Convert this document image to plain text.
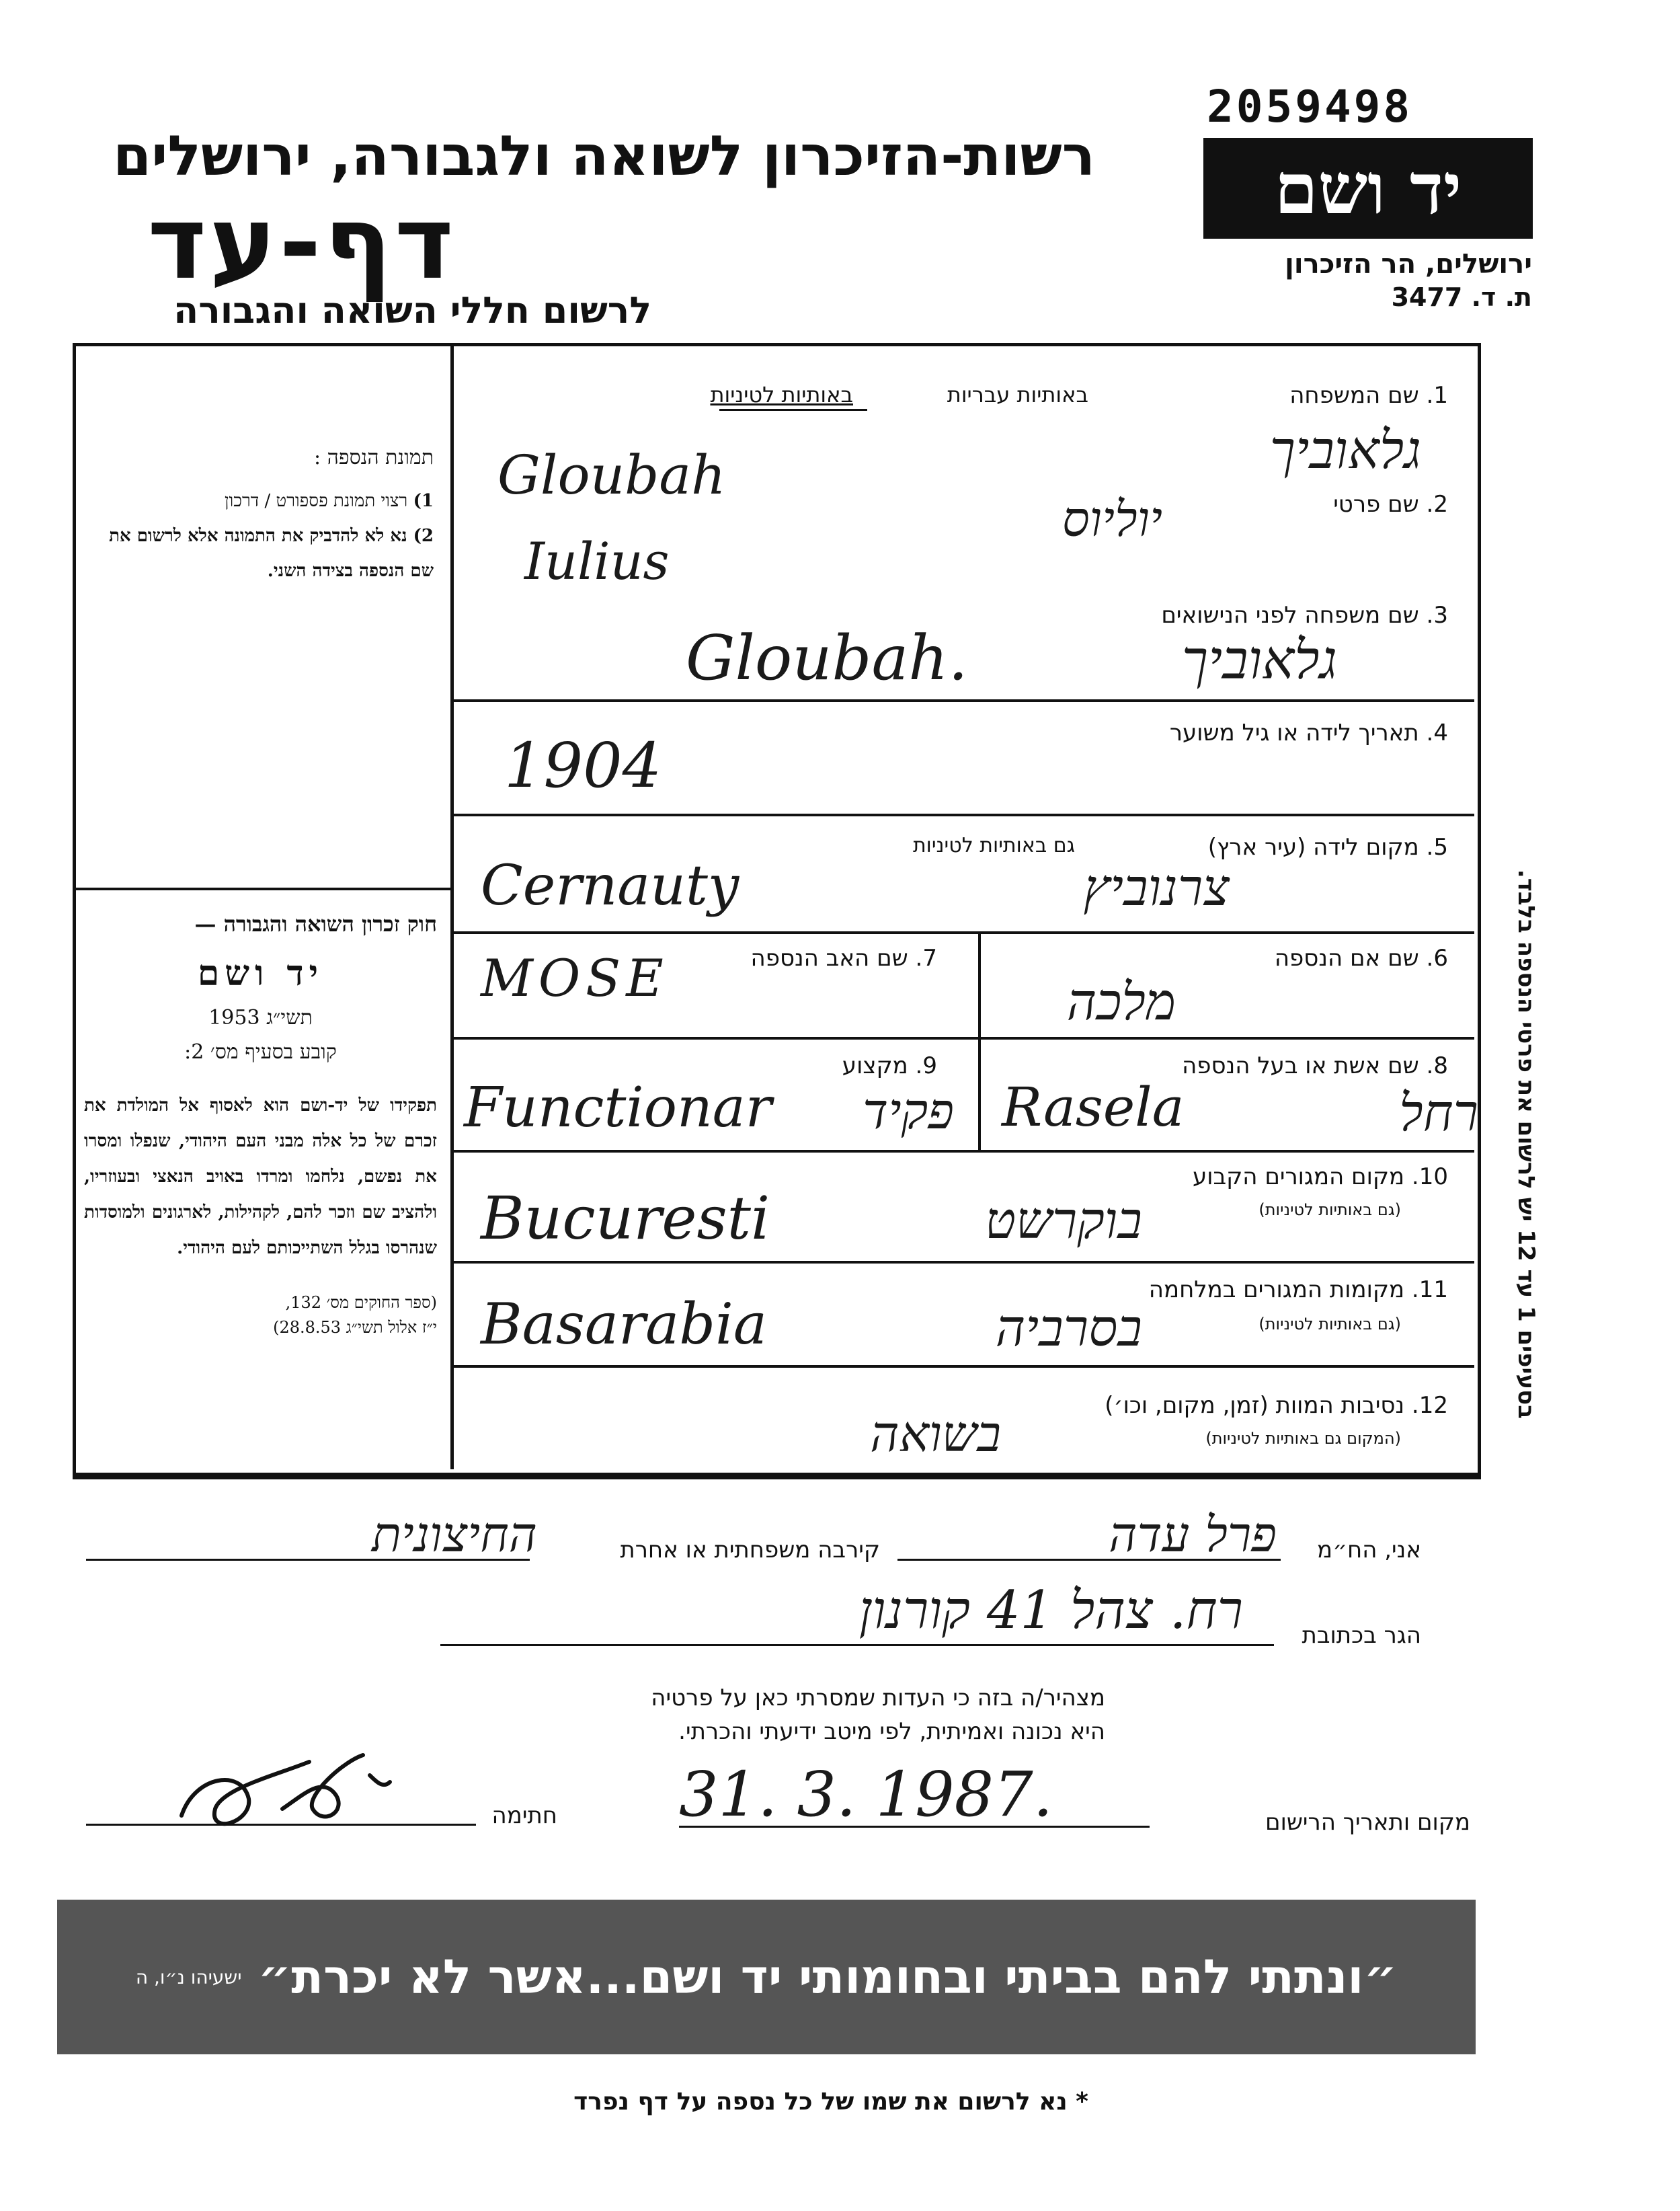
2059498
רשות-הזיכרון לשואה ולגבורה, ירושלים
דף-עד
לרשום חללי השואה והגבורה
יד ושם
ירושלים, הר הזיכרון
ת. ד. 3477
תמונת הנספה :
1) רצוי תמונת פספורט / דרכון
2) נא לא להדביק את התמונה אלא לרשום את שם הנספה בצידה השני.
חוק זכרון השואה והגבורה —
יד ושם
תשי״ג 1953
קובע בסעיף מס׳ 2:
תפקידו של יד-ושם הוא לאסוף אל המולדת את זכרם של כל אלה מבני העם היהודי, שנפלו ומסרו את נפשם, נלחמו ומרדו באויב הנאצי ובעוזריו, ולהציב שם וזכר להם, לקהילות, לארגונים ולמוסדות שנהרסו בגלל השתייכותם לעם היהודי.
(ספר החוקים מס׳ 132,
י״ז אלול תשי״ג 28.8.53)
1. שם המשפחה
באותיות עבריות
באותיות לטיניות
גלאוביך
Gloubah	2. שם פרטי
יוליוס
Iulius
3. שם משפחה לפני הנישואים
Gloubah.	גלאוביך
4. תאריך לידה או גיל משוער
1904
5. מקום לידה (עיר ארץ)
גם באותיות לטיניות
Cernauty	צרנוביץ
6. שם אם הנספה
מלכה
7. שם האב הנספה
MOSE
8. שם אשת או בעל הנספה
Rasela	רחל
9. מקצוע
Functionar פקיד
10. מקום המגורים הקבוע
(גם באותיות לטיניות)
Bucuresti	בוקרשט
11. מקומות המגורים במלחמה
(גם באותיות לטיניות)
Basarabia	בסרביה
12. נסיבות המוות (זמן, מקום, וכו׳)
(המקום גם באותיות לטיניות)
בשואה
בסעיפים 1 עד 12 יש לרשום את פרטי הנספה בלבד.
אני, הח״מ
פרל עדה
קירבה משפחתית או אחרת
החיצונית
הגר בכתובת
רח. צהל 41 קורנון
מצהיר/ה בזה כי העדות שמסרתי כאן על פרטיה
היא נכונה ואמיתית, לפי מיטב ידיעתי והכרתי.
חתימה	מקום ותאריך הרישום
31. 3. 1987.
״ונתתי להם בביתי ובחומותי יד ושם...אשר לא יכרת״
ישעיהו נ״ו, ה
* נא לרשום את שמו של כל נספה על דף נפרד
